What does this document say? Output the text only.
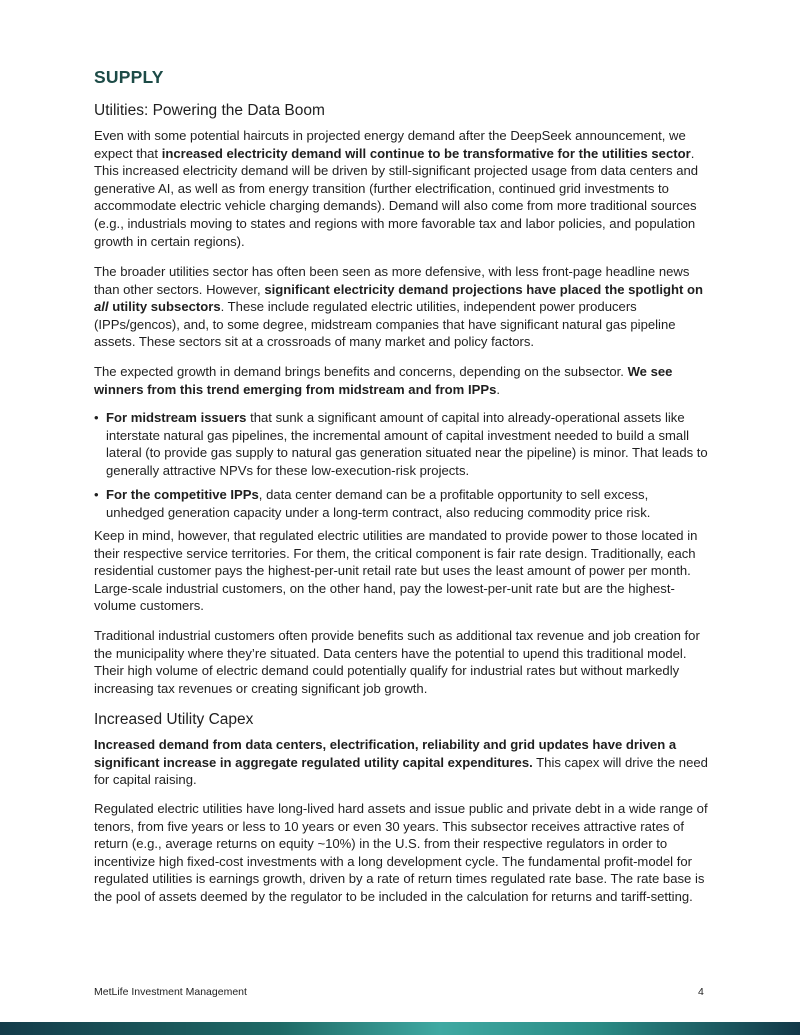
SUPPLY
Utilities: Powering the Data Boom

Even with some potential haircuts in projected energy demand after the DeepSeek announcement, we expect that increased electricity demand will continue to be transformative for the utilities sector. This increased electricity demand will be driven by still-significant projected usage from data centers and generative AI, as well as from energy transition (further electrification, continued grid investments to accommodate electric vehicle charging demands). Demand will also come from more traditional sources (e.g., industrials moving to states and regions with more favorable tax and labor policies, and population growth in certain regions).

The broader utilities sector has often been seen as more defensive, with less front-page headline news than other sectors. However, significant electricity demand projections have placed the spotlight on all utility subsectors. These include regulated electric utilities, independent power producers (IPPs/gencos), and, to some degree, midstream companies that have significant natural gas pipeline assets. These sectors sit at a crossroads of many market and policy factors.

The expected growth in demand brings benefits and concerns, depending on the subsector. We see winners from this trend emerging from midstream and from IPPs.

• For midstream issuers that sunk a significant amount of capital into already-operational assets like interstate natural gas pipelines, the incremental amount of capital investment needed to build a small lateral (to provide gas supply to natural gas generation situated near the pipeline) is minor. That leads to generally attractive NPVs for these low-execution-risk projects.
• For the competitive IPPs, data center demand can be a profitable opportunity to sell excess, unhedged generation capacity under a long-term contract, also reducing commodity price risk.

Keep in mind, however, that regulated electric utilities are mandated to provide power to those located in their respective service territories. For them, the critical component is fair rate design. Traditionally, each residential customer pays the highest-per-unit retail rate but uses the least amount of power per month. Large-scale industrial customers, on the other hand, pay the lowest-per-unit rate but are the highest-volume customers.

Traditional industrial customers often provide benefits such as additional tax revenue and job creation for the municipality where they’re situated. Data centers have the potential to upend this traditional model. Their high volume of electric demand could potentially qualify for industrial rates but without markedly increasing tax revenues or creating significant job growth.

Increased Utility Capex

Increased demand from data centers, electrification, reliability and grid updates have driven a significant increase in aggregate regulated utility capital expenditures. This capex will drive the need for capital raising.

Regulated electric utilities have long-lived hard assets and issue public and private debt in a wide range of tenors, from five years or less to 10 years or even 30 years. This subsector receives attractive rates of return (e.g., average returns on equity ~10%) in the U.S. from their respective regulators in order to incentivize high fixed-cost investments with a long development cycle. The fundamental profit-model for regulated utilities is earnings growth, driven by a rate of return times regulated rate base. The rate base is the pool of assets deemed by the regulator to be included in the calculation for returns and tariff-setting.

MetLife Investment Management	4
